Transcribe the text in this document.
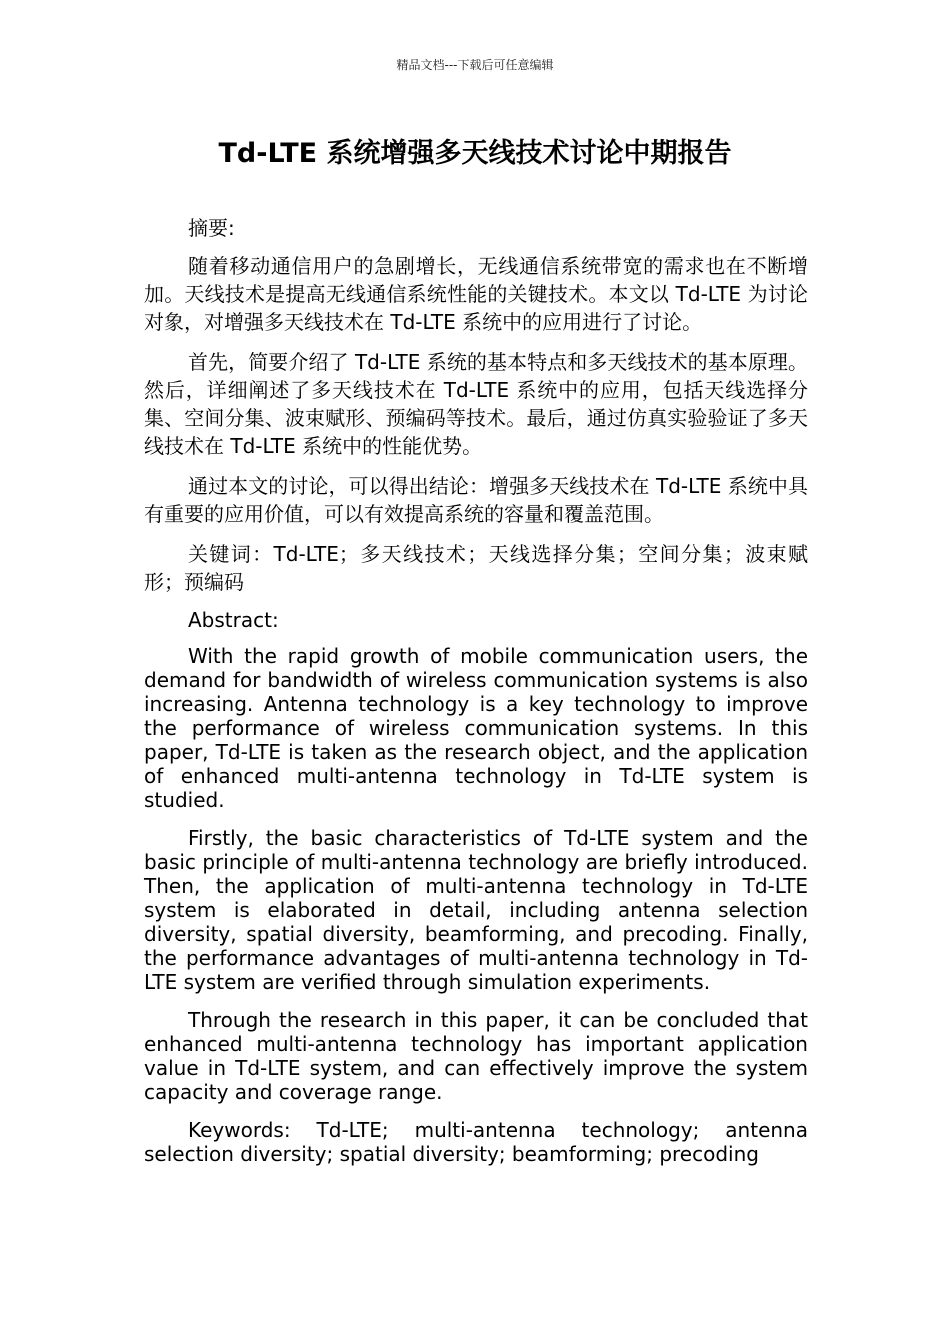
精品文档---下载后可任意编辑
Td-LTE 系统增强多天线技术讨论中期报告

摘要:

随着移动通信用户的急剧增长，无线通信系统带宽的需求也在不断增加。天线技术是提高无线通信系统性能的关键技术。本文以 Td-LTE 为讨论对象，对增强多天线技术在 Td-LTE 系统中的应用进行了讨论。

首先，简要介绍了 Td-LTE 系统的基本特点和多天线技术的基本原理。然后，详细阐述了多天线技术在 Td-LTE 系统中的应用，包括天线选择分集、空间分集、波束赋形、预编码等技术。最后，通过仿真实验验证了多天线技术在 Td-LTE 系统中的性能优势。

通过本文的讨论，可以得出结论：增强多天线技术在 Td-LTE 系统中具有重要的应用价值，可以有效提高系统的容量和覆盖范围。

关键词：Td-LTE；多天线技术；天线选择分集；空间分集；波束赋形；预编码

Abstract:

With the rapid growth of mobile communication users, the demand for bandwidth of wireless communication systems is also increasing. Antenna technology is a key technology to improve the performance of wireless communication systems. In this paper, Td-LTE is taken as the research object, and the application of enhanced multi-antenna technology in Td-LTE system is studied.

Firstly, the basic characteristics of Td-LTE system and the basic principle of multi-antenna technology are briefly introduced. Then, the application of multi-antenna technology in Td-LTE system is elaborated in detail, including antenna selection diversity, spatial diversity, beamforming, and precoding. Finally, the performance advantages of multi-antenna technology in Td-LTE system are verified through simulation experiments.

Through the research in this paper, it can be concluded that enhanced multi-antenna technology has important application value in Td-LTE system, and can effectively improve the system capacity and coverage range.

Keywords: Td-LTE; multi-antenna technology; antenna selection diversity; spatial diversity; beamforming; precoding
